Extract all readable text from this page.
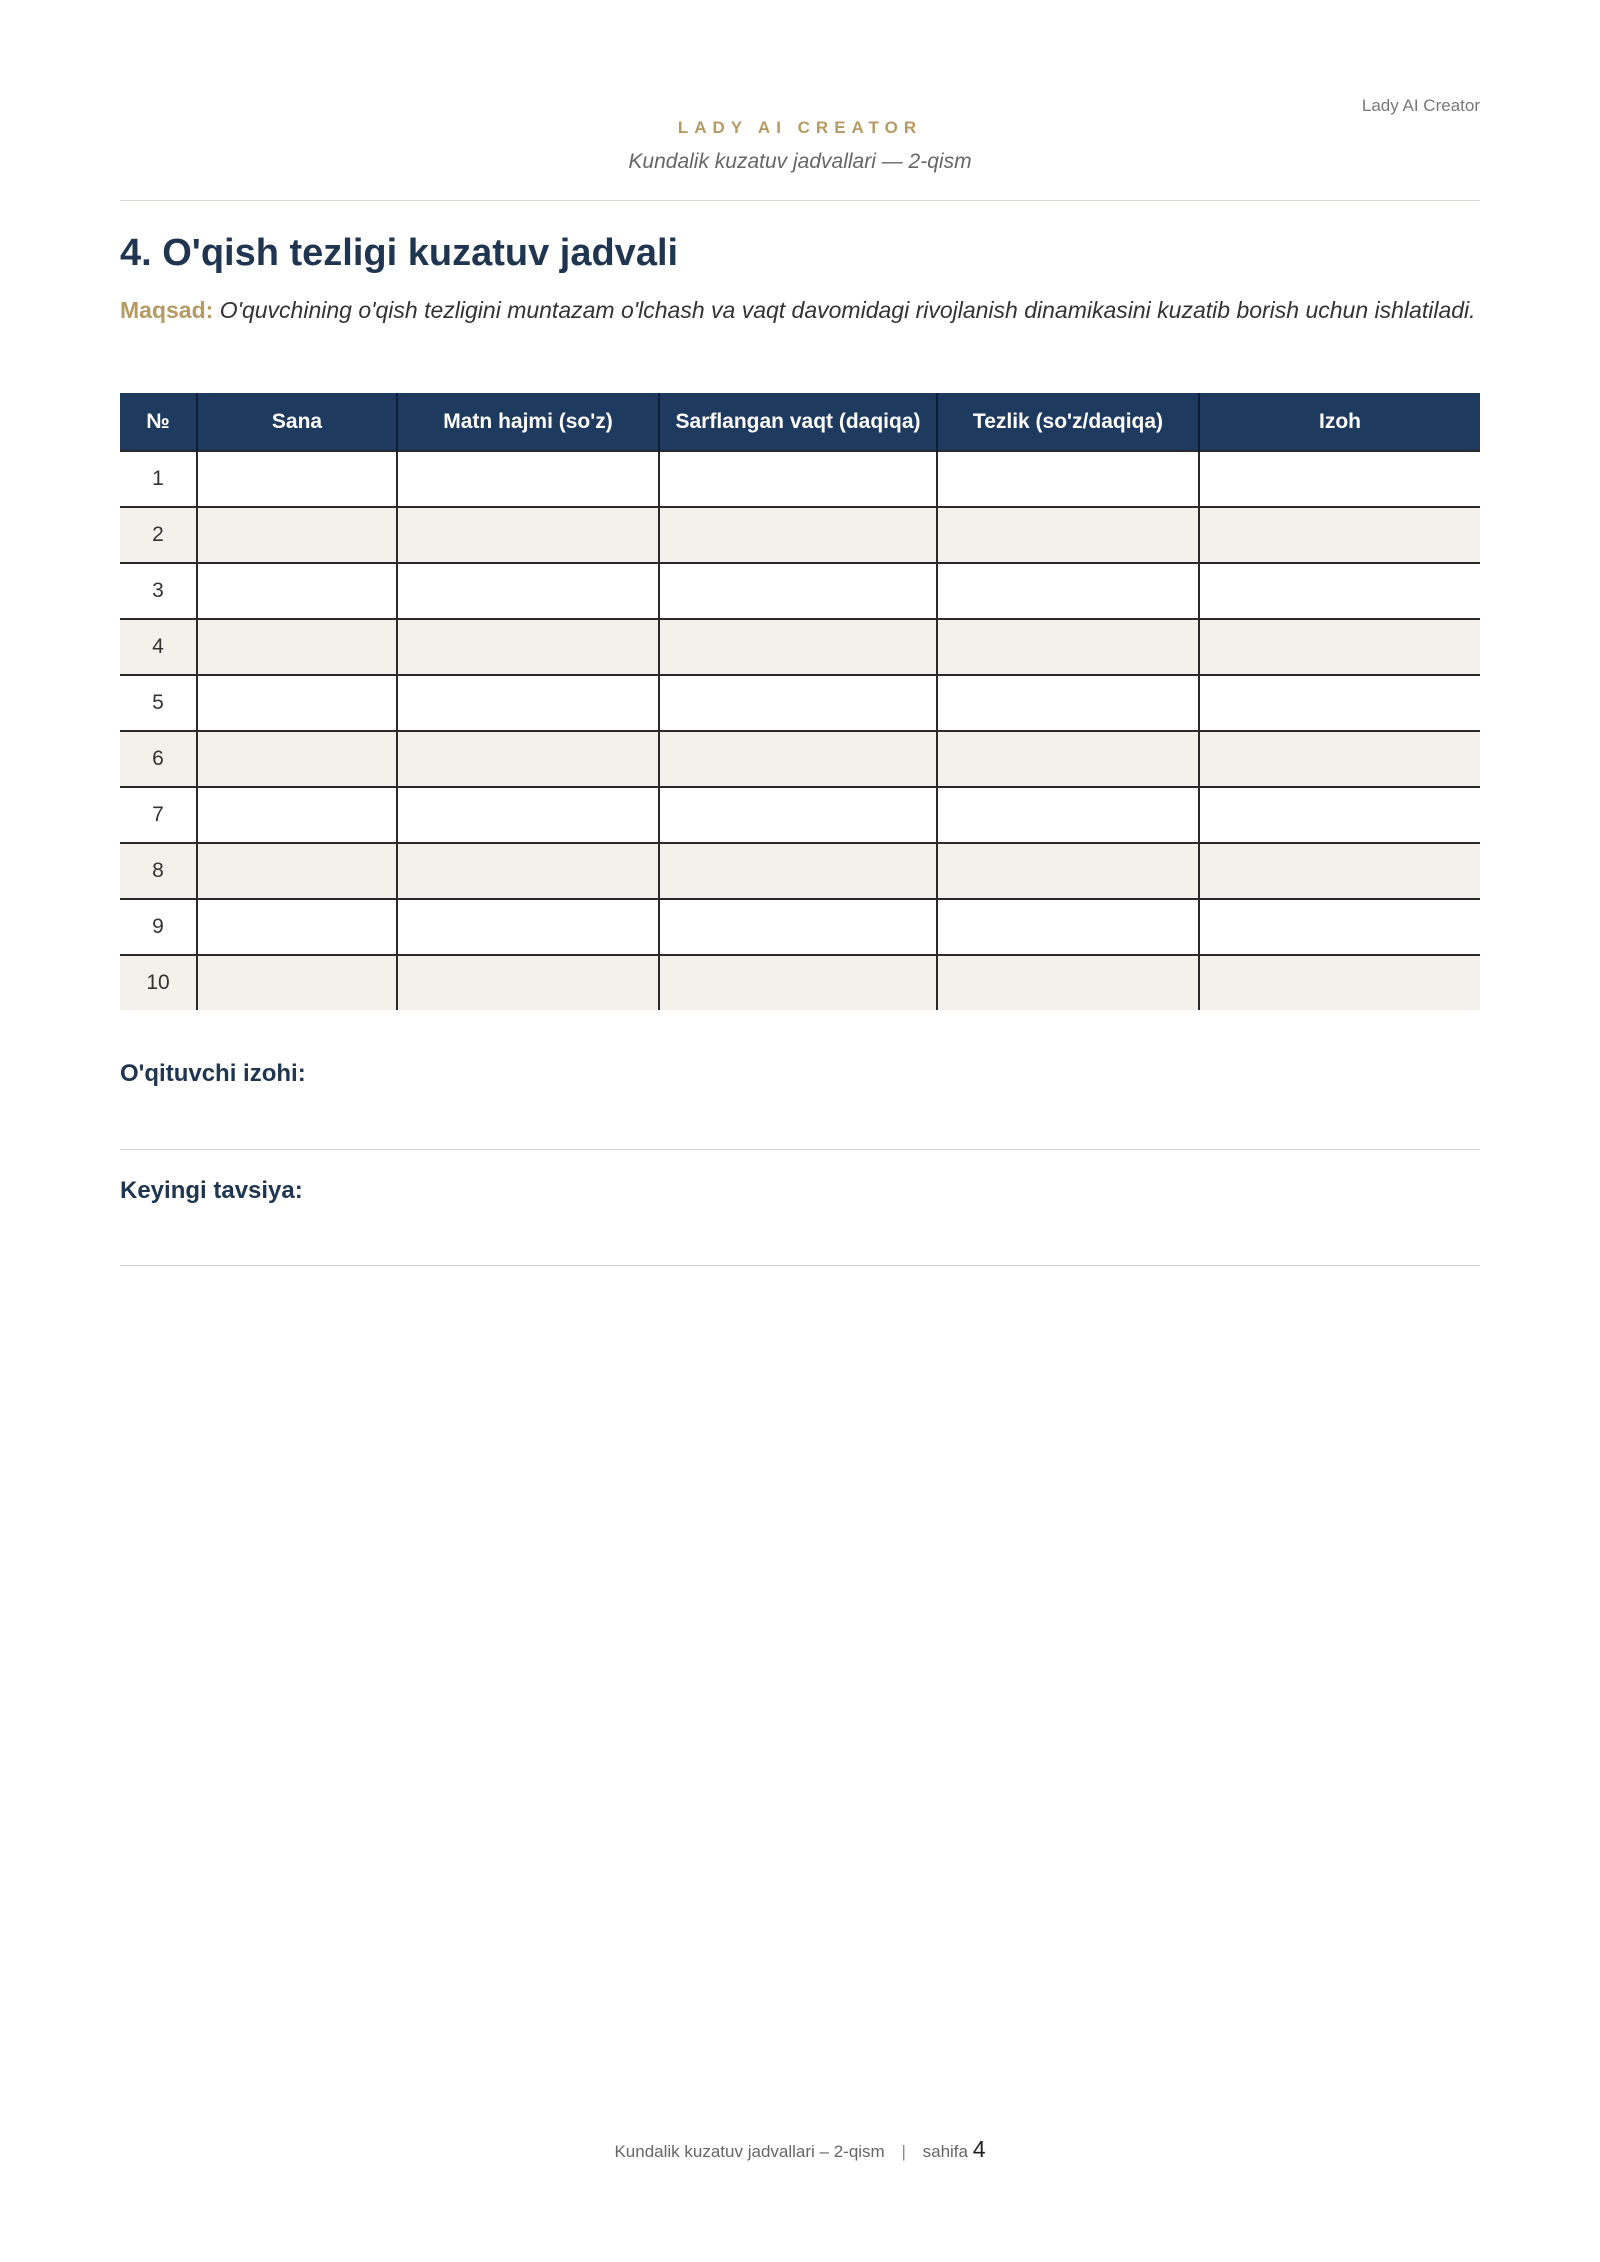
Lady AI Creator
LADY AI CREATOR
Kundalik kuzatuv jadvallari — 2-qism
4. O'qish tezligi kuzatuv jadvali
Maqsad: O'quvchining o'qish tezligini muntazam o'lchash va vaqt davomidagi rivojlanish dinamikasini kuzatib borish uchun ishlatiladi.
№	Sana	Matn hajmi (so'z)	Sarflangan vaqt (daqiqa)	Tezlik (so'z/daqiqa)	Izoh
1					
2					
3					
4					
5					
6					
7					
8					
9					
10					
O'qituvchi izohi:
Keyingi tavsiya:
Kundalik kuzatuv jadvallari – 2-qism | sahifa 4
